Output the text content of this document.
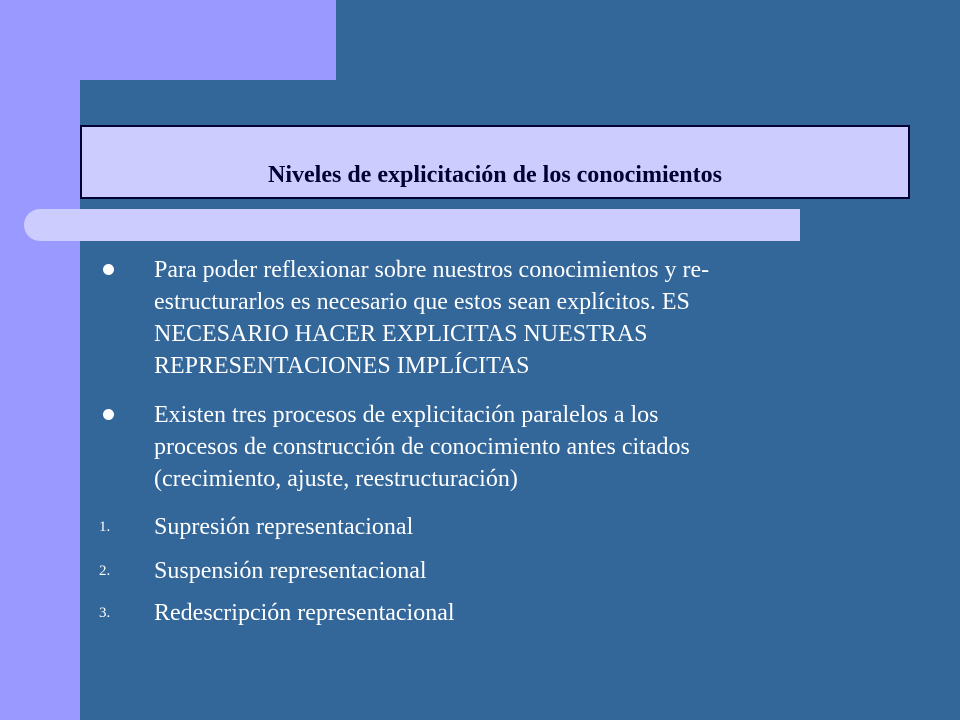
Niveles de explicitación de los conocimientos
Para poder reflexionar sobre nuestros conocimientos y re-
estructurarlos es necesario que estos sean explícitos. ES
NECESARIO HACER EXPLICITAS NUESTRAS
REPRESENTACIONES IMPLÍCITAS
Existen tres procesos de explicitación paralelos a los
procesos de construcción de conocimiento antes citados
(crecimiento, ajuste, reestructuración)
1. Supresión representacional
2. Suspensión representacional
3. Redescripción representacional
